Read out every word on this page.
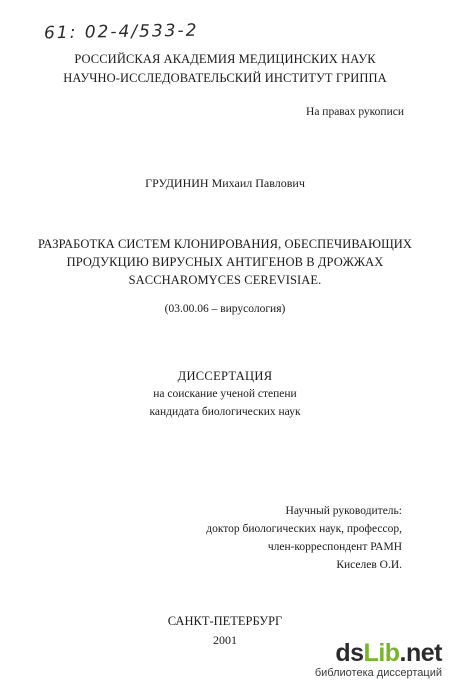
61: 02-4/533-2
РОССИЙСКАЯ АКАДЕМИЯ МЕДИЦИНСКИХ НАУК
НАУЧНО-ИССЛЕДОВАТЕЛЬСКИЙ ИНСТИТУТ ГРИППА
На правах рукописи
ГРУДИНИН Михаил Павлович
РАЗРАБОТКА СИСТЕМ КЛОНИРОВАНИЯ, ОБЕСПЕЧИВАЮЩИХ
ПРОДУКЦИЮ ВИРУСНЫХ АНТИГЕНОВ В ДРОЖЖАХ
SACCHAROMYCES CEREVISIAE.
(03.00.06 – вирусология)
ДИССЕРТАЦИЯ
на соискание ученой степени
кандидата биологических наук
Научный руководитель:
доктор биологических наук, профессор,
член-корреспондент РАМН
Киселев О.И.
САНКТ-ПЕТЕРБУРГ
2001	dsLib.net
библиотека диссертаций
